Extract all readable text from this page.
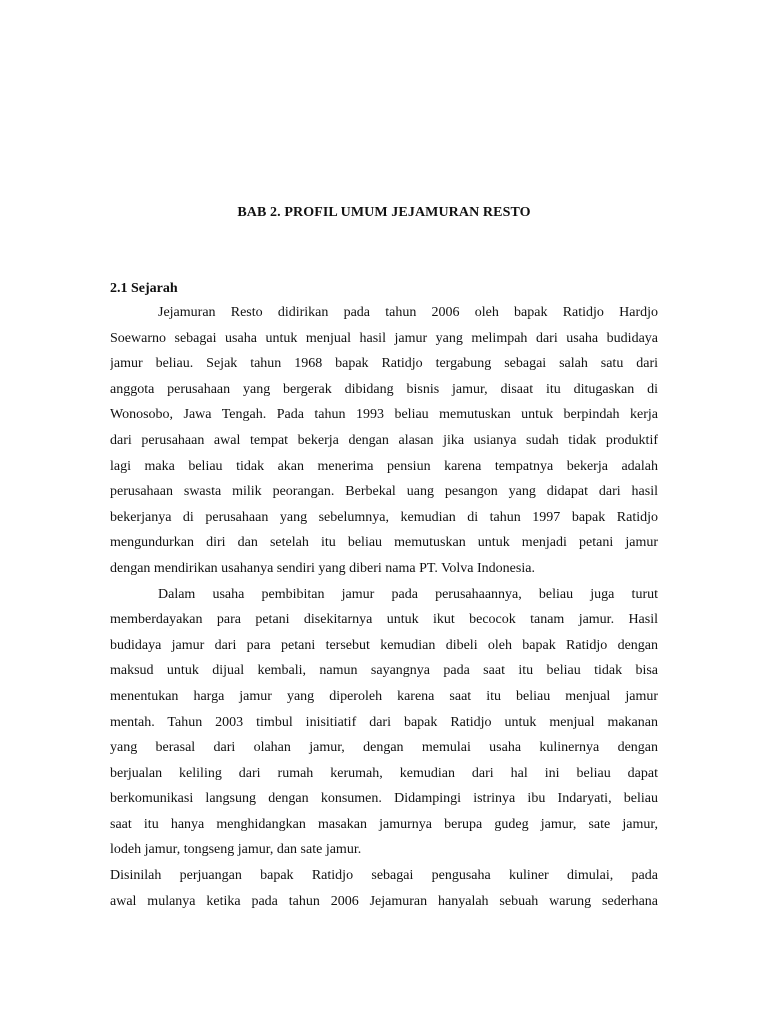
BAB 2. PROFIL UMUM JEJAMURAN RESTO
2.1 Sejarah
Jejamuran Resto didirikan pada tahun 2006 oleh bapak Ratidjo Hardjo
Soewarno sebagai usaha untuk menjual hasil jamur yang melimpah dari usaha budidaya
jamur beliau. Sejak tahun 1968 bapak Ratidjo tergabung sebagai salah satu dari
anggota perusahaan yang bergerak dibidang bisnis jamur, disaat itu ditugaskan di
Wonosobo, Jawa Tengah. Pada tahun 1993 beliau memutuskan untuk berpindah kerja
dari perusahaan awal tempat bekerja dengan alasan jika usianya sudah tidak produktif
lagi maka beliau tidak akan menerima pensiun karena tempatnya bekerja adalah
perusahaan swasta milik peorangan. Berbekal uang pesangon yang didapat dari hasil
bekerjanya di perusahaan yang sebelumnya, kemudian di tahun 1997 bapak Ratidjo
mengundurkan diri dan setelah itu beliau memutuskan untuk menjadi petani jamur
dengan mendirikan usahanya sendiri yang diberi nama PT. Volva Indonesia.
Dalam usaha pembibitan jamur pada perusahaannya, beliau juga turut
memberdayakan para petani disekitarnya untuk ikut becocok tanam jamur. Hasil
budidaya jamur dari para petani tersebut kemudian dibeli oleh bapak Ratidjo dengan
maksud untuk dijual kembali, namun sayangnya pada saat itu beliau tidak bisa
menentukan harga jamur yang diperoleh karena saat itu beliau menjual jamur
mentah. Tahun 2003 timbul inisitiatif dari bapak Ratidjo untuk menjual makanan
yang berasal dari olahan jamur, dengan memulai usaha kulinernya dengan
berjualan keliling dari rumah kerumah, kemudian dari hal ini beliau dapat
berkomunikasi langsung dengan konsumen. Didampingi istrinya ibu Indaryati, beliau
saat itu hanya menghidangkan masakan jamurnya berupa gudeg jamur, sate jamur,
lodeh jamur, tongseng jamur, dan sate jamur.
Disinilah perjuangan bapak Ratidjo sebagai pengusaha kuliner dimulai, pada
awal mulanya ketika pada tahun 2006 Jejamuran hanyalah sebuah warung sederhana
